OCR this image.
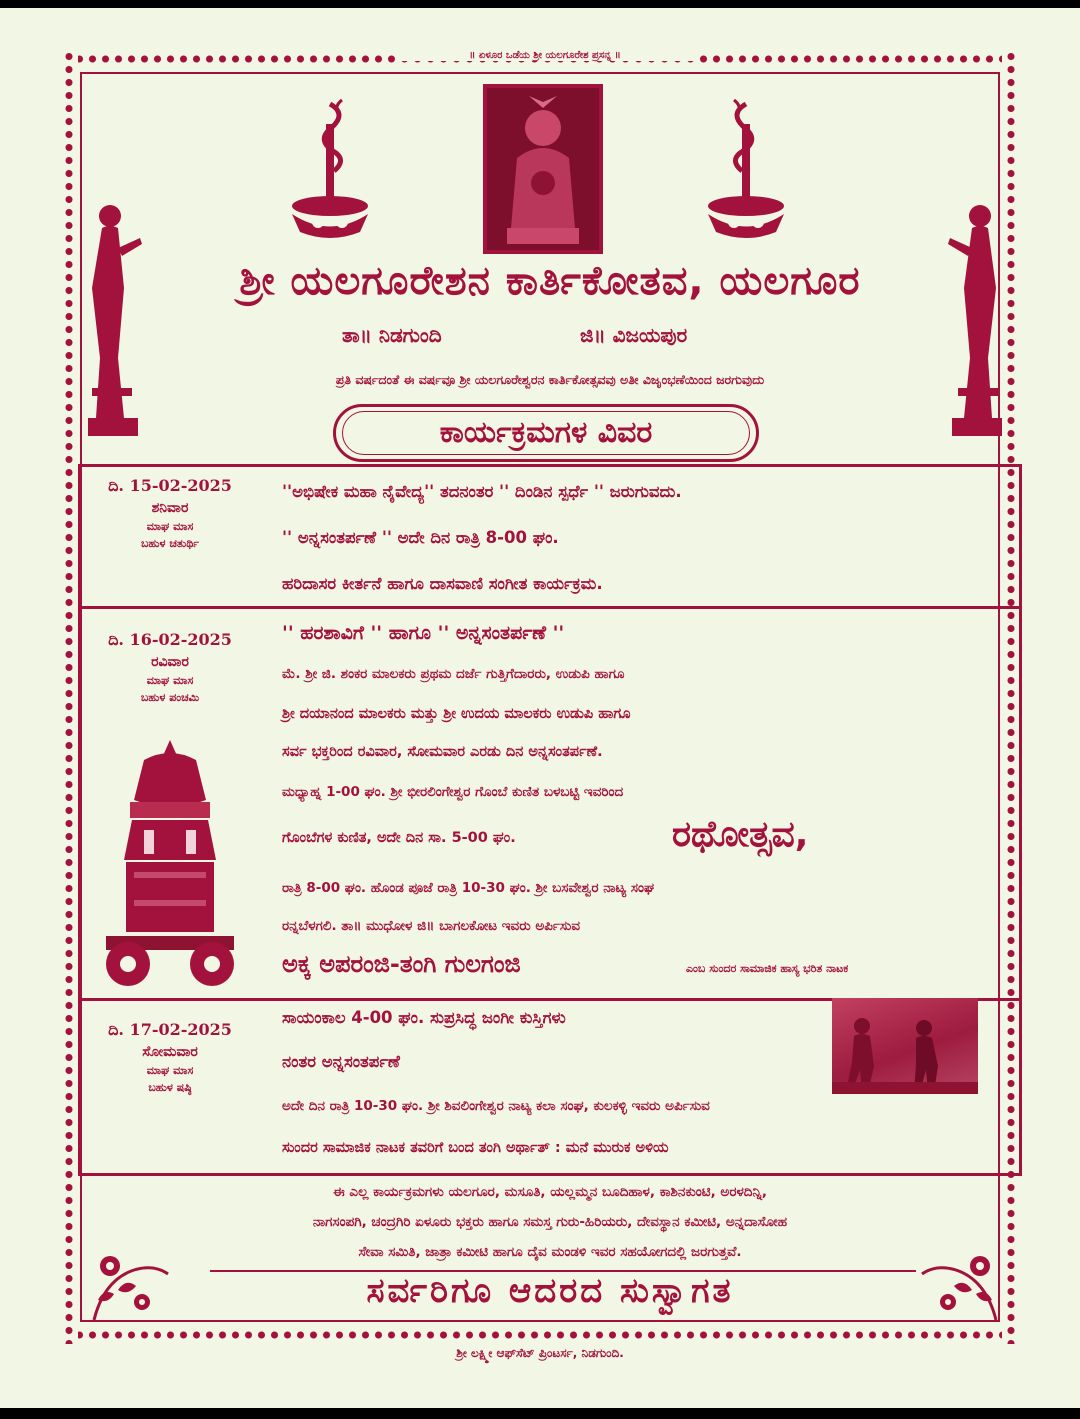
॥ ಏಳೂರ ಒಡೆಯ ಶ್ರೀ ಯಲಗೂರೇಶ ಪ್ರಸನ್ನ ॥
ಶ್ರೀ ಯಲಗೂರೇಶನ ಕಾರ್ತಿಕೋತವ, ಯಲಗೂರ
ತಾ॥ ನಿಡಗುಂದಿ	ಜಿ॥ ವಿಜಯಪುರ
ಪ್ರತಿ ವರ್ಷದಂತೆ ಈ ವರ್ಷವೂ ಶ್ರೀ ಯಲಗೂರೇಶ್ವರನ ಕಾರ್ತಿಕೋತ್ಸವವು ಅತೀ ವಿಜೃಂಭಣೆಯಿಂದ ಜರಗುವುದು
ಕಾರ್ಯಕ್ರಮಗಳ ವಿವರ
ದಿ. 15-02-2025
ಶನಿವಾರ
ಮಾಘ ಮಾಸ
ಬಹುಳ ಚತುರ್ಥಿ
''ಅಭಿಷೇಕ ಮಹಾ ನೈವೇದ್ಯ'' ತದನಂತರ '' ದಿಂಡಿನ ಸ್ಪರ್ಧೆ '' ಜರುಗುವದು.
'' ಅನ್ನಸಂತರ್ಪಣೆ '' ಅದೇ ದಿನ ರಾತ್ರಿ 8-00 ಘಂ.
ಹರಿದಾಸರ ಕೀರ್ತನೆ ಹಾಗೂ ದಾಸವಾಣಿ ಸಂಗೀತ ಕಾರ್ಯಕ್ರಮ.
ದಿ. 16-02-2025
ರವಿವಾರ
ಮಾಘ ಮಾಸ
ಬಹುಳ ಪಂಚಮಿ
'' ಹರಶಾವಿಗೆ '' ಹಾಗೂ '' ಅನ್ನಸಂತರ್ಪಣೆ ''
ಮೆ. ಶ್ರೀ ಜಿ. ಶಂಕರ ಮಾಲಕರು ಪ್ರಥಮ ದರ್ಜೆ ಗುತ್ತಿಗೆದಾರರು, ಉಡುಪಿ ಹಾಗೂ
ಶ್ರೀ ದಯಾನಂದ ಮಾಲಕರು ಮತ್ತು ಶ್ರೀ ಉದಯ ಮಾಲಕರು ಉಡುಪಿ ಹಾಗೂ
ಸರ್ವ ಭಕ್ತರಿಂದ ರವಿವಾರ, ಸೋಮವಾರ ಎರಡು ದಿನ ಅನ್ನಸಂತರ್ಪಣೆ.
ಮಧ್ಯಾಹ್ನ 1-00 ಘಂ. ಶ್ರೀ ಭೀರಲಿಂಗೇಶ್ವರ ಗೊಂಬೆ ಕುಣಿತ ಬಳಬಟ್ಟಿ ಇವರಿಂದ
ಗೊಂಬೆಗಳ ಕುಣಿತ, ಅದೇ ದಿನ ಸಾ. 5-00 ಘಂ.	ರಥೋತ್ಸವ,
ರಾತ್ರಿ 8-00 ಘಂ. ಹೊಂಡ ಪೂಜೆ ರಾತ್ರಿ 10-30 ಘಂ. ಶ್ರೀ ಬಸವೇಶ್ವರ ನಾಟ್ಯ ಸಂಘ
ರನ್ನಬೆಳಗಲಿ. ತಾ॥ ಮುಧೋಳ ಜಿ॥ ಬಾಗಲಕೋಟ ಇವರು ಅರ್ಪಿಸುವ
ಅಕ್ಕ ಅಪರಂಜಿ-ತಂಗಿ ಗುಲಗಂಜಿ	ಎಂಬ ಸುಂದರ ಸಾಮಾಜಿಕ ಹಾಸ್ಯ ಭರಿತ ನಾಟಕ
ದಿ. 17-02-2025
ಸೋಮವಾರ
ಮಾಘ ಮಾಸ
ಬಹುಳ ಷಷ್ಠಿ
ಸಾಯಂಕಾಲ 4-00 ಘಂ. ಸುಪ್ರಸಿದ್ಧ ಜಂಗೀ ಕುಸ್ತಿಗಳು
ನಂತರ ಅನ್ನಸಂತರ್ಪಣೆ
ಅದೇ ದಿನ ರಾತ್ರಿ 10-30 ಘಂ. ಶ್ರೀ ಶಿವಲಿಂಗೇಶ್ವರ ನಾಟ್ಯ ಕಲಾ ಸಂಘ, ಕುಲಕಳ್ಳಿ ಇವರು ಅರ್ಪಿಸುವ
ಸುಂದರ ಸಾಮಾಜಿಕ ನಾಟಕ ತವರಿಗೆ ಬಂದ ತಂಗಿ ಅರ್ಥಾತ್ : ಮನೆ ಮುರುಕ ಅಳಿಯ
ಈ ಎಲ್ಲ ಕಾರ್ಯಕ್ರಮಗಳು ಯಲಗೂರ, ಮಸೂತಿ, ಯಲ್ಲಮ್ಮನ ಬೂದಿಹಾಳ, ಕಾಶಿನಕುಂಟಿ, ಅರಳದಿನ್ನಿ,
ನಾಗಸಂಪಗಿ, ಚಂದ್ರಗಿರಿ ಏಳೂರು ಭಕ್ತರು ಹಾಗೂ ಸಮಸ್ತ ಗುರು-ಹಿರಿಯರು, ದೇವಸ್ಥಾನ ಕಮೀಟಿ, ಅನ್ನದಾಸೋಹ
ಸೇವಾ ಸಮಿತಿ, ಜಾತ್ರಾ ಕಮೀಟಿ ಹಾಗೂ ದೈವ ಮಂಡಳಿ ಇವರ ಸಹಯೋಗದಲ್ಲಿ ಜರಗುತ್ತವೆ.
ಸರ್ವರಿಗೂ ಆದರದ ಸುಸ್ವಾಗತ
ಶ್ರೀ ಲಕ್ಷ್ಮೀ ಆಫ್‌ಸೆಟ್ ಪ್ರಿಂಟರ್ಸ, ನಿಡಗುಂದಿ.
